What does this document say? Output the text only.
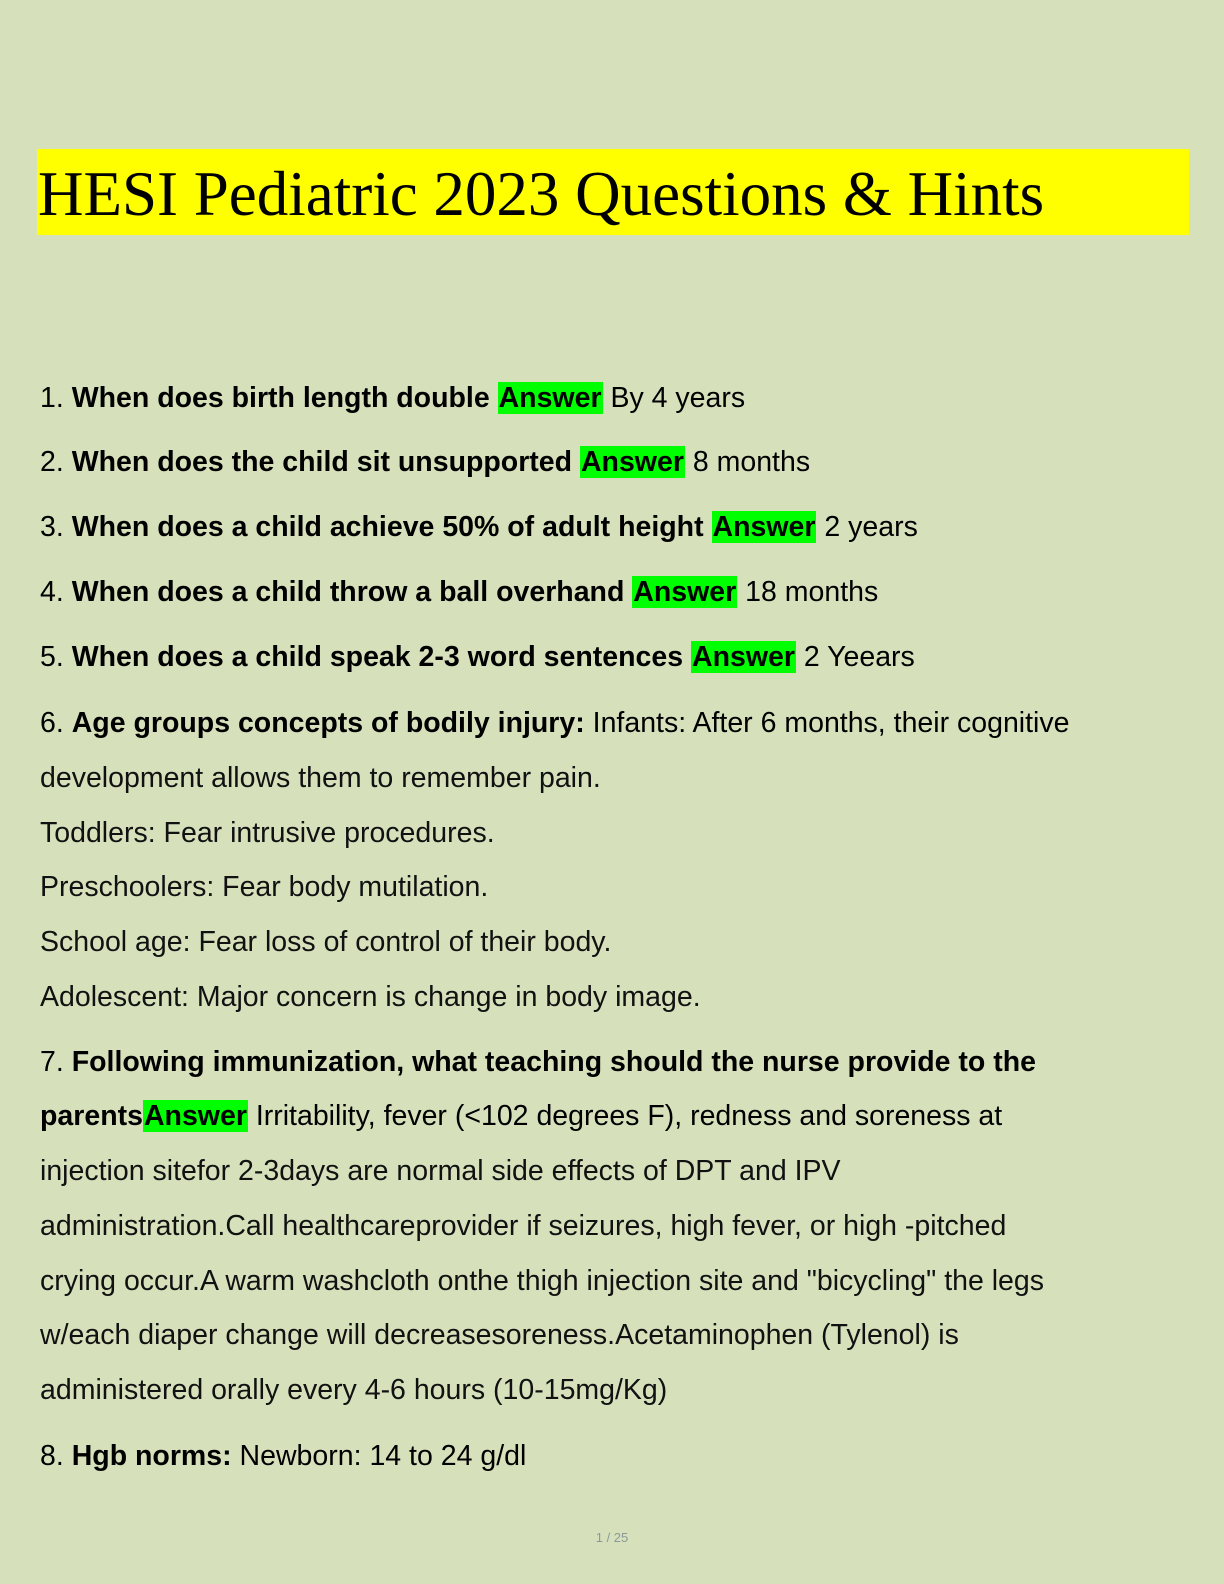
HESI Pediatric 2023 Questions & Hints
1. When does birth length double Answer By 4 years
2. When does the child sit unsupported Answer 8 months
3. When does a child achieve 50% of adult height Answer 2 years
4. When does a child throw a ball overhand Answer 18 months
5. When does a child speak 2-3 word sentences Answer 2 Yeears
6. Age groups concepts of bodily injury: Infants: After 6 months, their cognitive
development allows them to remember pain.
Toddlers: Fear intrusive procedures.
Preschoolers: Fear body mutilation.
School age: Fear loss of control of their body.
Adolescent: Major concern is change in body image.
7. Following immunization, what teaching should the nurse provide to the
parentsAnswer Irritability, fever (<102 degrees F), redness and soreness at
injection sitefor 2-3days are normal side effects of DPT and IPV
administration.Call healthcareprovider if seizures, high fever, or high -pitched
crying occur.A warm washcloth onthe thigh injection site and "bicycling" the legs
w/each diaper change will decreasesoreness.Acetaminophen (Tylenol) is
administered orally every 4-6 hours (10-15mg/Kg)
8. Hgb norms: Newborn: 14 to 24 g/dl
1 / 25
